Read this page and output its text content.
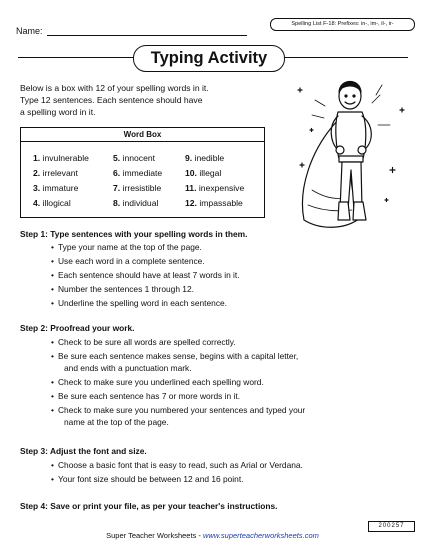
Name:
Spelling List F-18: Prefixes: in-, im-, il-, ir-
Typing Activity
Below is a box with 12 of your spelling words in it.
Type 12 sentences. Each sentence should have
a spelling word in it.
Word Box
1. invulnerable
2. irrelevant
3. immature
4. illogical
5. innocent
6. immediate
7. irresistible
8. individual
9. inedible
10. illegal
11. inexpensive
12. impassable
Step 1: Type sentences with your spelling words in them.
• Type your name at the top of the page.
• Use each word in a complete sentence.
• Each sentence should have at least 7 words in it.
• Number the sentences 1 through 12.
• Underline the spelling word in each sentence.
Step 2: Proofread your work.
• Check to be sure all words are spelled correctly.
• Be sure each sentence makes sense, begins with a capital letter,
and ends with a punctuation mark.
• Check to make sure you underlined each spelling word.
• Be sure each sentence has 7 or more words in it.
• Check to make sure you numbered your sentences and typed your
name at the top of the page.
Step 3: Adjust the font and size.
• Choose a basic font that is easy to read, such as Arial or Verdana.
• Your font size should be between 12 and 16 point.
Step 4: Save or print your file, as per your teacher's instructions.
200257
Super Teacher Worksheets - www.superteacherworksheets.com
